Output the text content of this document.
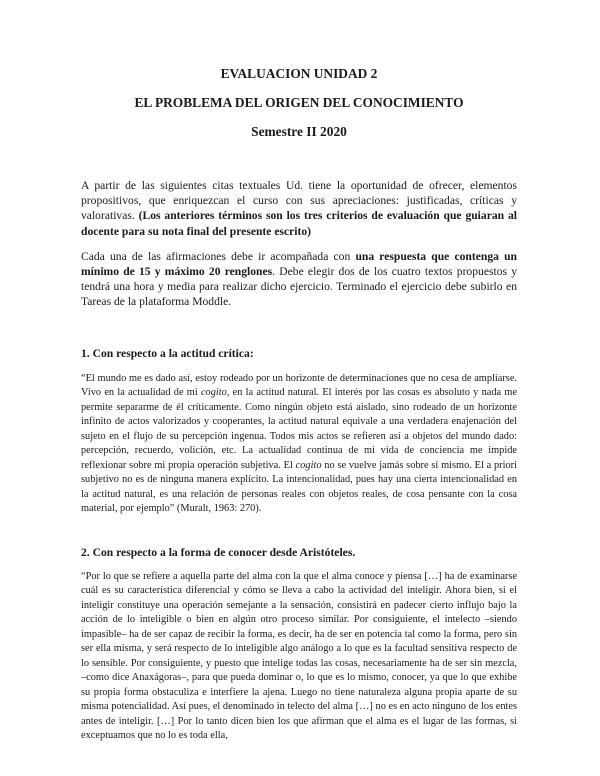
EVALUACION UNIDAD 2
EL PROBLEMA DEL ORIGEN DEL CONOCIMIENTO
Semestre II 2020

A partir de las siguientes citas textuales Ud. tiene la oportunidad de ofrecer, elementos propositivos, que enriquezcan el curso con sus apreciaciones: justificadas, críticas y valorativas. (Los anteriores términos son los tres criterios de evaluación que guiaran al docente para su nota final del presente escrito)

Cada una de las afirmaciones debe ir acompañada con una respuesta que contenga un mínimo de 15 y máximo 20 renglones. Debe elegir dos de los cuatro textos propuestos y tendrá una hora y media para realizar dicho ejercicio. Terminado el ejercicio debe subirlo en Tareas de la plataforma Moddle.

1. Con respecto a la actitud crítica:

“El mundo me es dado así, estoy rodeado por un horizonte de determinaciones que no cesa de ampliarse. Vivo en la actualidad de mi cogito, en la actitud natural. El interés por las cosas es absoluto y nada me permite separarme de él críticamente. Como ningún objeto está aislado, sino rodeado de un horizonte infinito de actos valorizados y cooperantes, la actitud natural equivale a una verdadera enajenación del sujeto en el flujo de su percepción ingenua. Todos mis actos se refieren así a objetos del mundo dado: percepción, recuerdo, volición, etc. La actualidad continua de mi vida de conciencia me impide reflexionar sobre mi propia operación subjetiva. El cogito no se vuelve jamás sobre sí mismo. El a priori subjetivo no es de ninguna manera explícito. La intencionalidad, pues hay una cierta intencionalidad en la actitud natural, es una relación de personas reales con objetos reales, de cosa pensante con la cosa material, por ejemplo” (Muralt, 1963: 270).

2. Con respecto a la forma de conocer desde Aristóteles.

“Por lo que se refiere a aquella parte del alma con la que el alma conoce y piensa […] ha de examinarse cuál es su característica diferencial y cómo se lleva a cabo la actividad del inteligir. Ahora bien, si el inteligir constituye una operación semejante a la sensación, consistirá en padecer cierto influjo bajo la acción de lo inteligible o bien en algún otro proceso similar. Por consiguiente, el intelecto –siendo impasible– ha de ser capaz de recibir la forma, es decir, ha de ser en potencia tal como la forma, pero sin ser ella misma, y será respecto de lo inteligible algo análogo a lo que es la facultad sensitiva respecto de lo sensible. Por consiguiente, y puesto que intelige todas las cosas, necesariamente ha de ser sin mezcla, –como dice Anaxágoras–, para que pueda dominar o, lo que es lo mismo, conocer, ya que lo que exhibe su propia forma obstaculiza e interfiere la ajena. Luego no tiene naturaleza alguna propia aparte de su misma potencialidad. Así pues, el denominado in telecto del alma […] no es en acto ninguno de los entes antes de inteligir. […] Por lo tanto dicen bien los que afirman que el alma es el lugar de las formas, si exceptuamos que no lo es toda ella,
